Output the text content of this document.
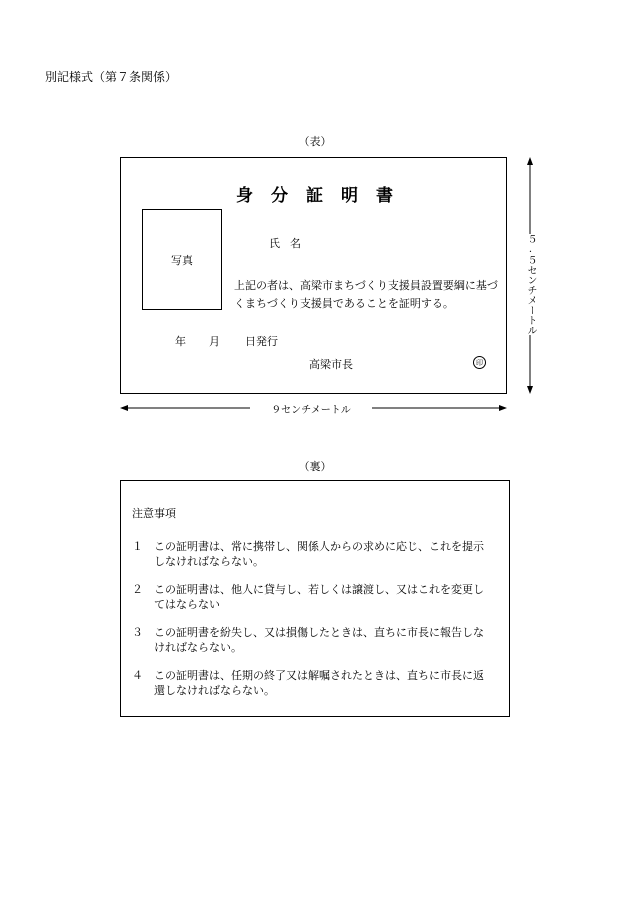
別記様式（第７条関係）
（表）
身分証明書
写真
氏名
上記の者は、高梁市まちづくり支援員設置要綱に基づくまちづくり支援員であることを証明する。
年 月 日発行
高梁市長	印
９センチメートル
５.５センチメートル
（裏）
注意事項
１ この証明書は、常に携帯し、関係人からの求めに応じ、これを提示しなければならない。
２ この証明書は、他人に貸与し、若しくは譲渡し、又はこれを変更してはならない
３ この証明書を紛失し、又は損傷したときは、直ちに市長に報告しなければならない。
４ この証明書は、任期の終了又は解嘱されたときは、直ちに市長に返還しなければならない。
